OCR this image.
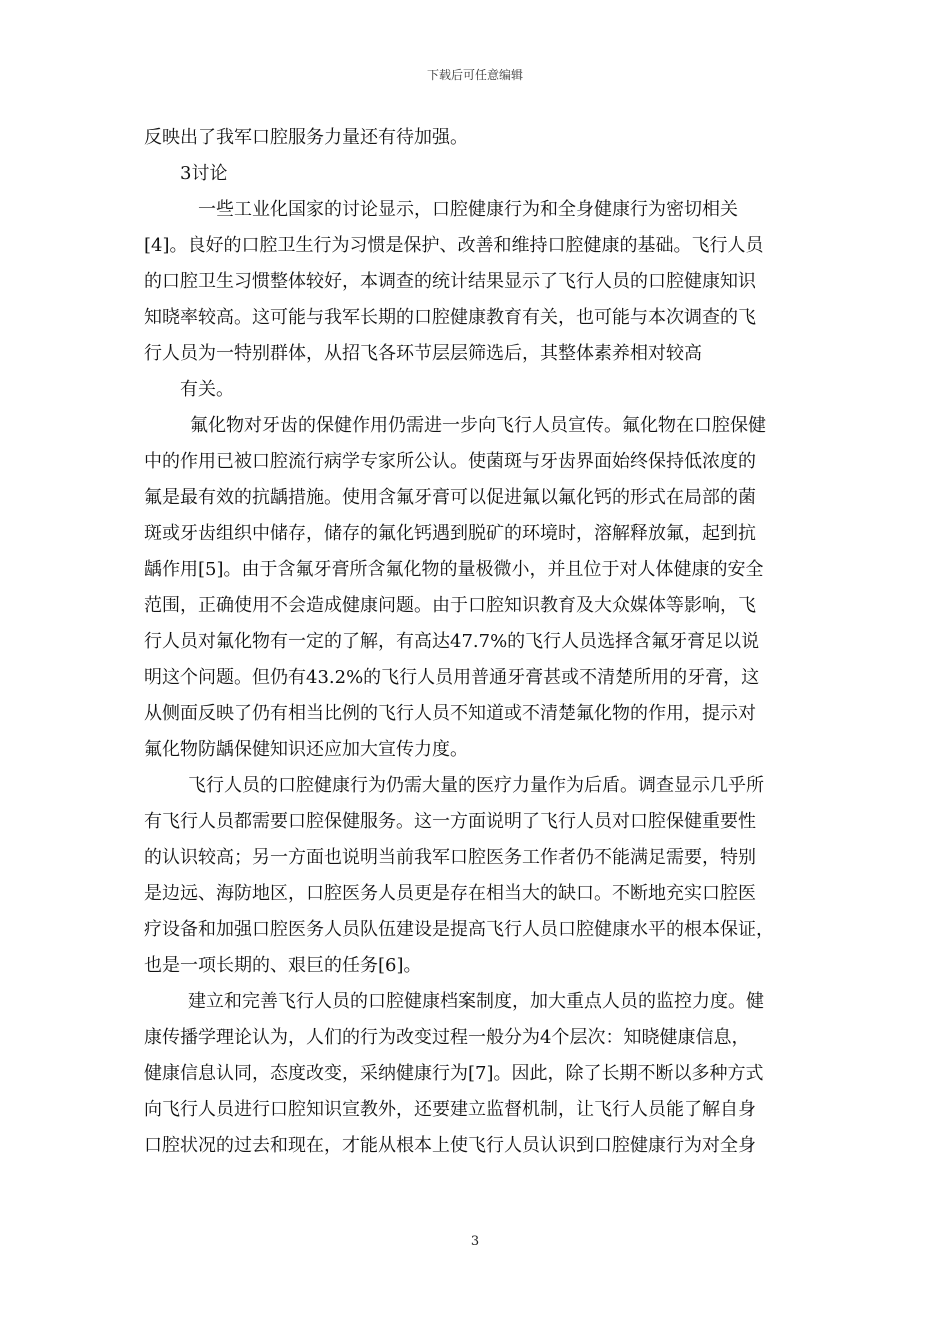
下载后可任意编辑
反映出了我军口腔服务力量还有待加强。
3讨论
一些工业化国家的讨论显示，口腔健康行为和全身健康行为密切相关
[4]。良好的口腔卫生行为习惯是保护、改善和维持口腔健康的基础。飞行人员
的口腔卫生习惯整体较好，本调查的统计结果显示了飞行人员的口腔健康知识
知晓率较高。这可能与我军长期的口腔健康教育有关，也可能与本次调查的飞
行人员为一特别群体，从招飞各环节层层筛选后，其整体素养相对较高
有关。
氟化物对牙齿的保健作用仍需进一步向飞行人员宣传。氟化物在口腔保健
中的作用已被口腔流行病学专家所公认。使菌斑与牙齿界面始终保持低浓度的
氟是最有效的抗龋措施。使用含氟牙膏可以促进氟以氟化钙的形式在局部的菌
斑或牙齿组织中储存，储存的氟化钙遇到脱矿的环境时，溶解释放氟，起到抗
龋作用[5]。由于含氟牙膏所含氟化物的量极微小，并且位于对人体健康的安全
范围，正确使用不会造成健康问题。由于口腔知识教育及大众媒体等影响，飞
行人员对氟化物有一定的了解，有高达47.7%的飞行人员选择含氟牙膏足以说
明这个问题。但仍有43.2%的飞行人员用普通牙膏甚或不清楚所用的牙膏，这
从侧面反映了仍有相当比例的飞行人员不知道或不清楚氟化物的作用，提示对
氟化物防龋保健知识还应加大宣传力度。
飞行人员的口腔健康行为仍需大量的医疗力量作为后盾。调查显示几乎所
有飞行人员都需要口腔保健服务。这一方面说明了飞行人员对口腔保健重要性
的认识较高；另一方面也说明当前我军口腔医务工作者仍不能满足需要，特别
是边远、海防地区，口腔医务人员更是存在相当大的缺口。不断地充实口腔医
疗设备和加强口腔医务人员队伍建设是提高飞行人员口腔健康水平的根本保证，
也是一项长期的、艰巨的任务[6]。
建立和完善飞行人员的口腔健康档案制度，加大重点人员的监控力度。健
康传播学理论认为，人们的行为改变过程一般分为4个层次：知晓健康信息，
健康信息认同，态度改变，采纳健康行为[7]。因此，除了长期不断以多种方式
向飞行人员进行口腔知识宣教外，还要建立监督机制，让飞行人员能了解自身
口腔状况的过去和现在，才能从根本上使飞行人员认识到口腔健康行为对全身
3
